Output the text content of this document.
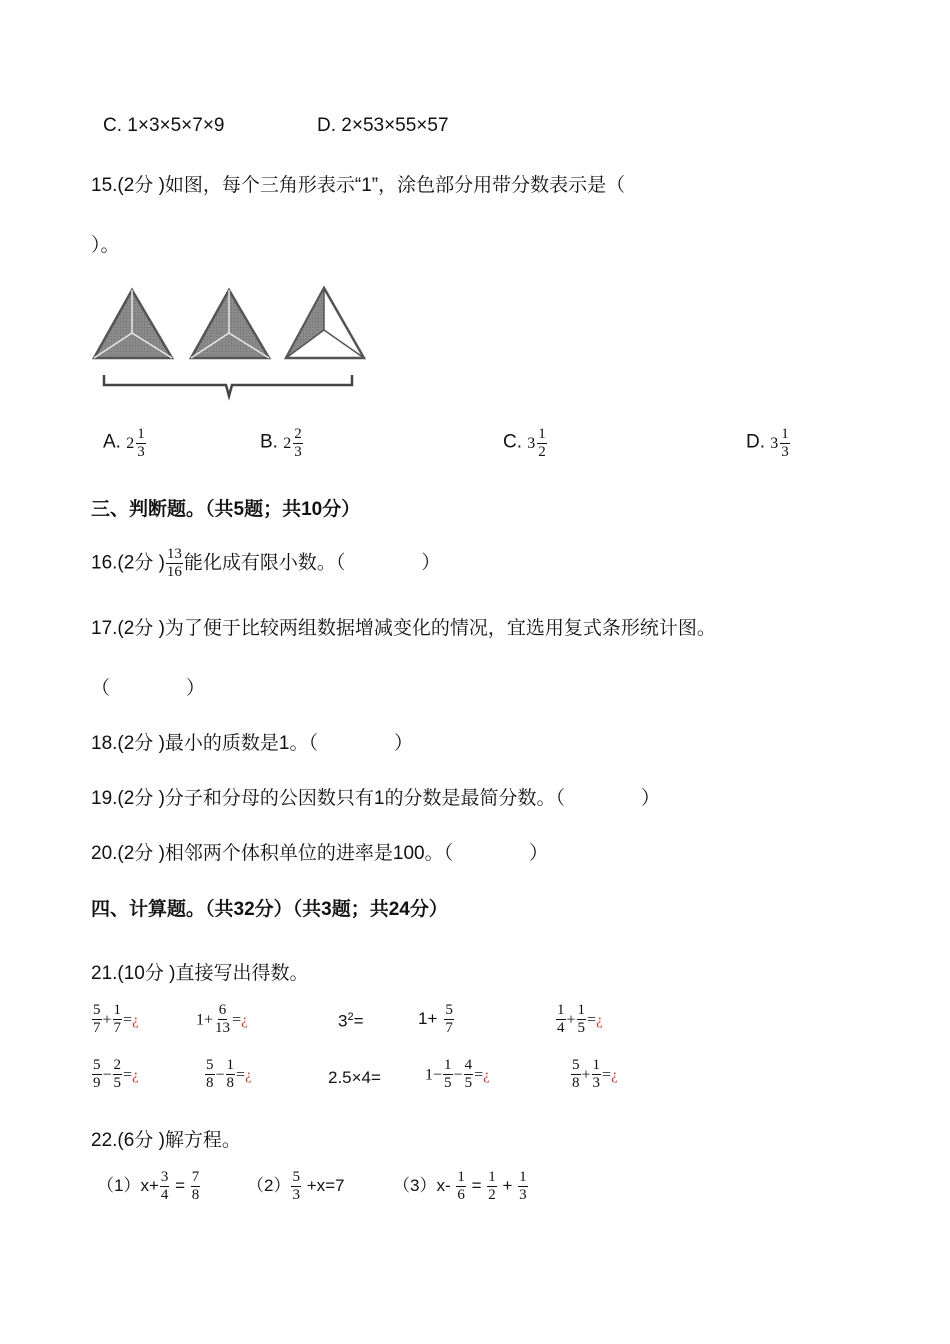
C. 1×3×5×7×9	D. 2×53×55×57
15.(2分 )如图，每个三角形表示“1”，涂色部分用带分数表示是（
）。
A. $2 \frac{1}{3}$	B. $2 \frac{2}{3}$	C. $3 \frac{1}{2}$	D. $3 \frac{1}{3}$
三、判断题。（共5题；共10分）
16.(2分 ) $\frac{13}{16}$ 能化成有限小数。（　　　　）
17.(2分 )为了便于比较两组数据增减变化的情况，宜选用复式条形统计图。
（　　　　）
18.(2分 )最小的质数是1。（　　　　）
19.(2分 )分子和分母的公因数只有1的分数是最简分数。（　　　　）
20.(2分 )相邻两个体积单位的进率是100。（　　　　）
四、计算题。（共32分）（共3题；共24分）
21.(10分 )直接写出得数。
$\frac{5}{7} + \frac{1}{7}$ =¿	$1+ \frac{6}{13}$ =¿	$3^2=$	$1+ \frac{5}{7}$	$\frac{1}{4} + \frac{1}{5}$ =¿
$\frac{5}{9} - \frac{2}{5}$ =¿	$\frac{5}{8} - \frac{1}{8}$ =¿	2.5×4=	$1- \frac{1}{5} - \frac{4}{5}$ =¿	$\frac{5}{8} + \frac{1}{3}$ =¿
22.(6分 )解方程。
$(1)x+ \frac{3}{4} = \frac{7}{8}$	$(2) \frac{5}{3} +x=7$	$(3)x- \frac{1}{6} = \frac{1}{2} + \frac{1}{3}$
